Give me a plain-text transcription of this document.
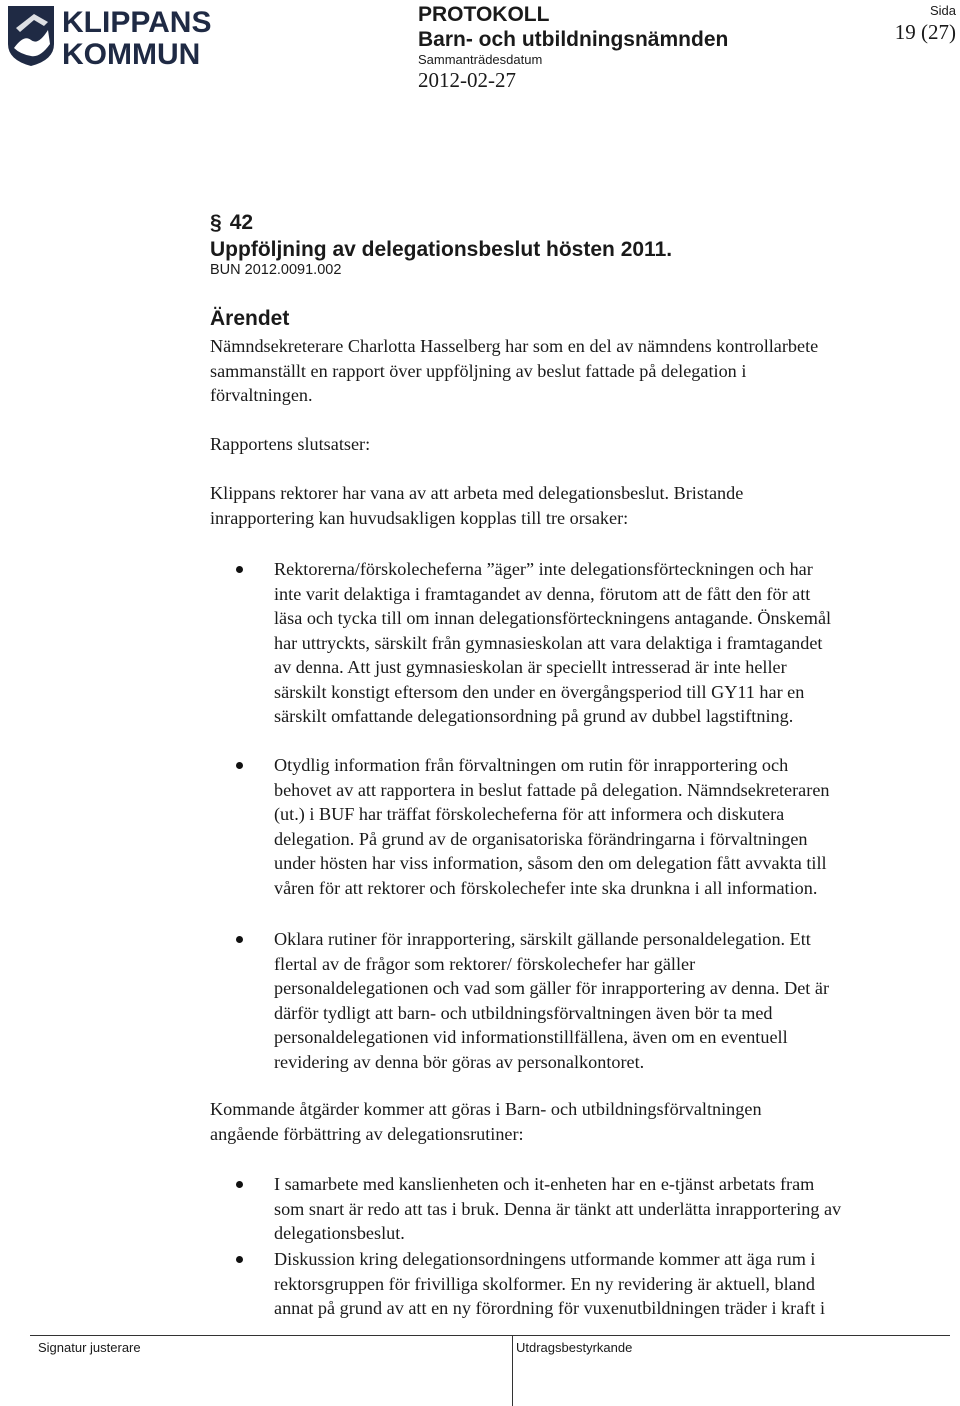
KLIPPANS
KOMMUN
PROTOKOLL
Barn- och utbildningsnämnden
Sammanträdesdatum
2012-02-27
Sida
19 (27)
§ 42
Uppföljning av delegationsbeslut hösten 2011.
BUN 2012.0091.002
Ärendet
Nämndsekreterare Charlotta Hasselberg har som en del av nämndens kontrollarbete
sammanställt en rapport över uppföljning av beslut fattade på delegation i
förvaltningen.
Rapportens slutsatser:
Klippans rektorer har vana av att arbeta med delegationsbeslut. Bristande
inrapportering kan huvudsakligen kopplas till tre orsaker:
Rektorerna/förskolecheferna ”äger” inte delegationsförteckningen och har
inte varit delaktiga i framtagandet av denna, förutom att de fått den för att
läsa och tycka till om innan delegationsförteckningens antagande. Önskemål
har uttryckts, särskilt från gymnasieskolan att vara delaktiga i framtagandet
av denna. Att just gymnasieskolan är speciellt intresserad är inte heller
särskilt konstigt eftersom den under en övergångsperiod till GY11 har en
särskilt omfattande delegationsordning på grund av dubbel lagstiftning.
Otydlig information från förvaltningen om rutin för inrapportering och
behovet av att rapportera in beslut fattade på delegation. Nämndsekreteraren
(ut.) i BUF har träffat förskolecheferna för att informera och diskutera
delegation. På grund av de organisatoriska förändringarna i förvaltningen
under hösten har viss information, såsom den om delegation fått avvakta till
våren för att rektorer och förskolechefer inte ska drunkna i all information.
Oklara rutiner för inrapportering, särskilt gällande personaldelegation. Ett
flertal av de frågor som rektorer/ förskolechefer har gäller
personaldelegationen och vad som gäller för inrapportering av denna. Det är
därför tydligt att barn- och utbildningsförvaltningen även bör ta med
personaldelegationen vid informationstillfällena, även om en eventuell
revidering av denna bör göras av personalkontoret.
Kommande åtgärder kommer att göras i Barn- och utbildningsförvaltningen
angående förbättring av delegationsrutiner:
I samarbete med kanslienheten och it-enheten har en e-tjänst arbetats fram
som snart är redo att tas i bruk. Denna är tänkt att underlätta inrapportering av
delegationsbeslut.
Diskussion kring delegationsordningens utformande kommer att äga rum i
rektorsgruppen för frivilliga skolformer. En ny revidering är aktuell, bland
annat på grund av att en ny förordning för vuxenutbildningen träder i kraft i
Signatur justerare	Utdragsbestyrkande
